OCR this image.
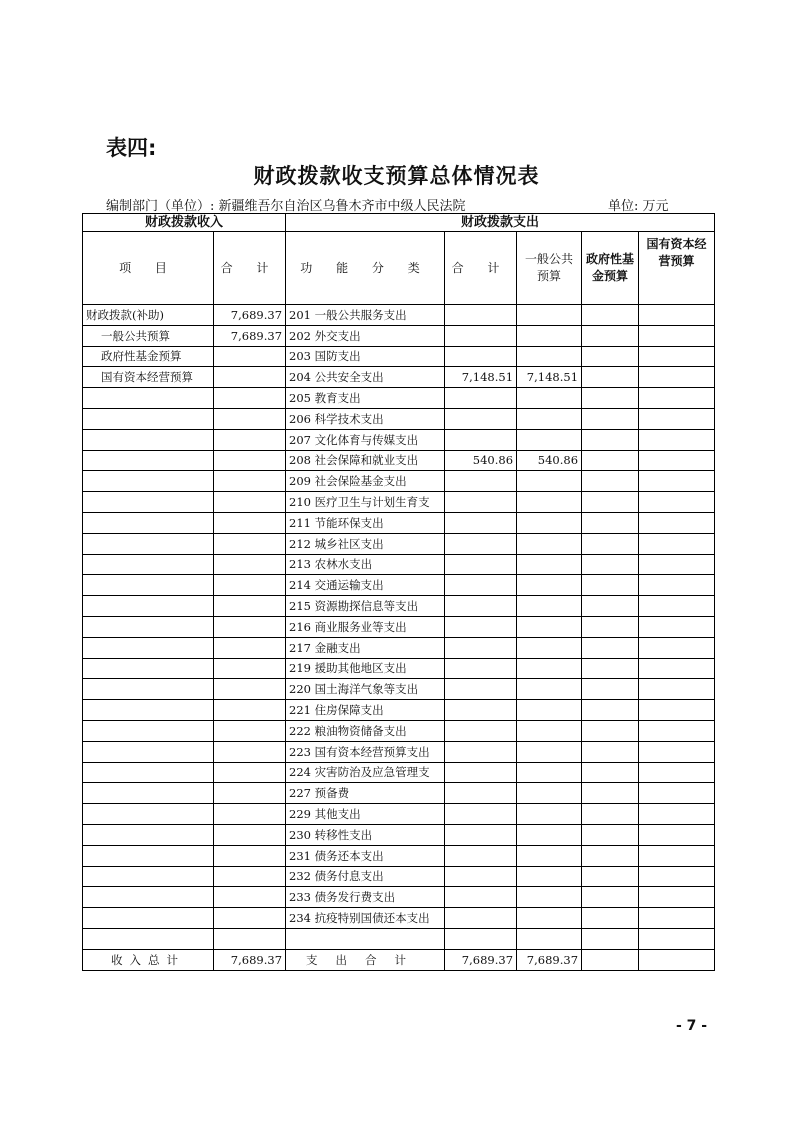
表四:
财政拨款收支预算总体情况表
编制部门（单位）: 新疆维吾尔自治区乌鲁木齐市中级人民法院	单位: 万元
财政拨款收入		财政拨款支出				
项 目	合 计	功 能 分 类	合 计	一般公共预算	政府性基金预算	国有资本经营预算
财政拨款(补助)	7,689.37	201 一般公共服务支出				
一般公共预算	7,689.37	202 外交支出				
政府性基金预算		203 国防支出				
国有资本经营预算		204 公共安全支出	7,148.51	7,148.51		
		205 教育支出				
		206 科学技术支出				
		207 文化体育与传媒支出				
		208 社会保障和就业支出	540.86	540.86		
		209 社会保险基金支出				
		210 医疗卫生与计划生育支				
		211 节能环保支出				
		212 城乡社区支出				
		213 农林水支出				
		214 交通运输支出				
		215 资源勘探信息等支出				
		216 商业服务业等支出				
		217 金融支出				
		219 援助其他地区支出				
		220 国土海洋气象等支出				
		221 住房保障支出				
		222 粮油物资储备支出				
		223 国有资本经营预算支出				
		224 灾害防治及应急管理支				
		227 预备费				
		229 其他支出				
		230 转移性支出				
		231 债务还本支出				
		232 债务付息支出				
		233 债务发行费支出				
		234 抗疫特别国债还本支出				

收入总计	7,689.37	支出合计	7,689.37	7,689.37		
- 7 -
